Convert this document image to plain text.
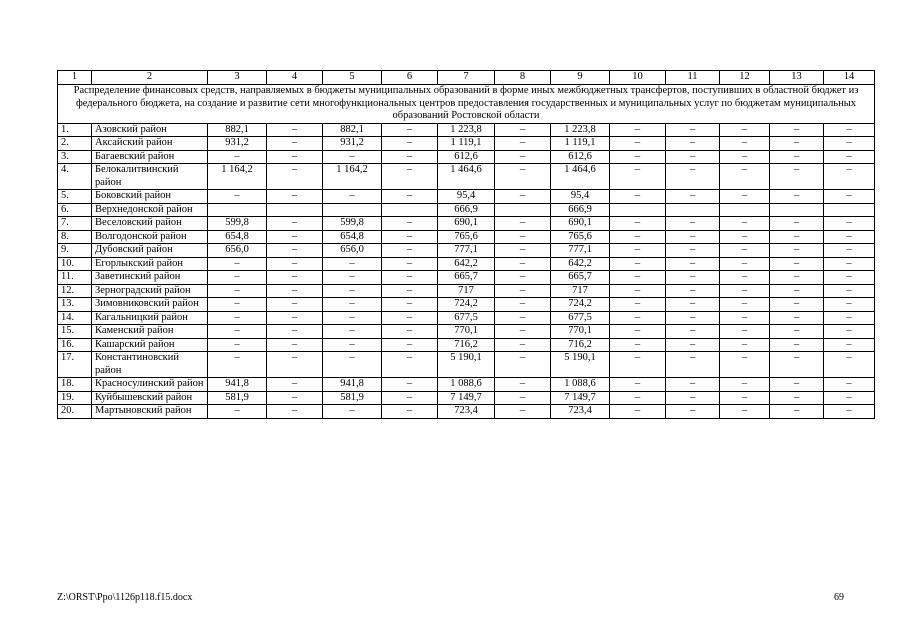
1	2	3	4	5	6	7	8	9	10	11	12	13	14
Распределение финансовых средств, направляемых в бюджеты муниципальных образований в форме иных межбюджетных трансфертов, поступивших в областной бюджет из федерального бюджета, на создание и развитие сети многофункциональных центров предоставления государственных и муниципальных услуг по бюджетам муниципальных образований Ростовской области													
1.	Азовский район	882,1	–	882,1	–	1 223,8	–	1 223,8	–	–	–	–	–
2.	Аксайский район	931,2	–	931,2	–	1 119,1	–	1 119,1	–	–	–	–	–
3.	Багаевский район	–	–	–	–	612,6	–	612,6	–	–	–	–	–
4.	Белокалитвинский район	1 164,2	–	1 164,2	–	1 464,6	–	1 464,6	–	–	–	–	–
5.	Боковский район	–	–	–	–	95,4	–	95,4	–	–	–	–	–
6.	Верхнедонской район					666,9		666,9					
7.	Веселовский район	599,8	–	599,8	–	690,1	–	690,1	–	–	–	–	–
8.	Волгодонской район	654,8	–	654,8	–	765,6	–	765,6	–	–	–	–	–
9.	Дубовский район	656,0	–	656,0	–	777,1	–	777,1	–	–	–	–	–
10.	Егорлыкский район	–	–	–	–	642,2	–	642,2	–	–	–	–	–
11.	Заветинский район	–	–	–	–	665,7	–	665,7	–	–	–	–	–
12.	Зерноградский район	–	–	–	–	717	–	717	–	–	–	–	–
13.	Зимовниковский район	–	–	–	–	724,2	–	724,2	–	–	–	–	–
14.	Кагальницкий район	–	–	–	–	677,5	–	677,5	–	–	–	–	–
15.	Каменский район	–	–	–	–	770,1	–	770,1	–	–	–	–	–
16.	Кашарский район	–	–	–	–	716,2	–	716,2	–	–	–	–	–
17.	Константиновский район	–	–	–	–	5 190,1	–	5 190,1	–	–	–	–	–
18.	Красносулинский район	941,8	–	941,8	–	1 088,6	–	1 088,6	–	–	–	–	–
19.	Куйбышевский район	581,9	–	581,9	–	7 149,7	–	7 149,7	–	–	–	–	–
20.	Мартыновский район	–	–	–	–	723,4	–	723,4	–	–	–	–	–
Z:\ORST\Ppo\1126p118.f15.docx	69
